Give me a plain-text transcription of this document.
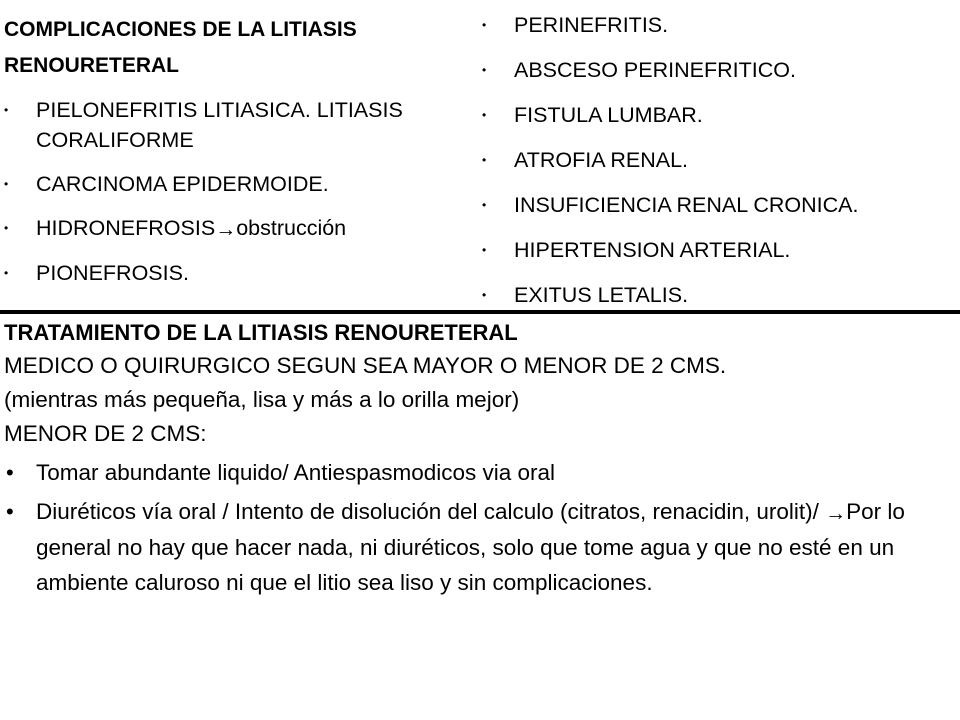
COMPLICACIONES DE LA LITIASIS RENOURETERAL
• PIELONEFRITIS LITIASICA. LITIASIS CORALIFORME
• CARCINOMA EPIDERMOIDE.
• HIDRONEFROSIS→obstrucción
• PIONEFROSIS.
• PERINEFRITIS.
• ABSCESO PERINEFRITICO.
• FISTULA LUMBAR.
• ATROFIA RENAL.
• INSUFICIENCIA RENAL CRONICA.
• HIPERTENSION ARTERIAL.
• EXITUS LETALIS.
TRATAMIENTO DE LA LITIASIS RENOURETERAL
MEDICO O QUIRURGICO SEGUN SEA MAYOR O MENOR DE 2 CMS.
(mientras más pequeña, lisa y más a lo orilla mejor)
MENOR DE 2 CMS:
• Tomar abundante liquido/ Antiespasmodicos via oral
• Diuréticos vía oral / Intento de disolución del calculo (citratos, renacidin, urolit)/ →Por lo general no hay que hacer nada, ni diuréticos, solo que tome agua y que no esté en un ambiente caluroso ni que el litio sea liso y sin complicaciones.
